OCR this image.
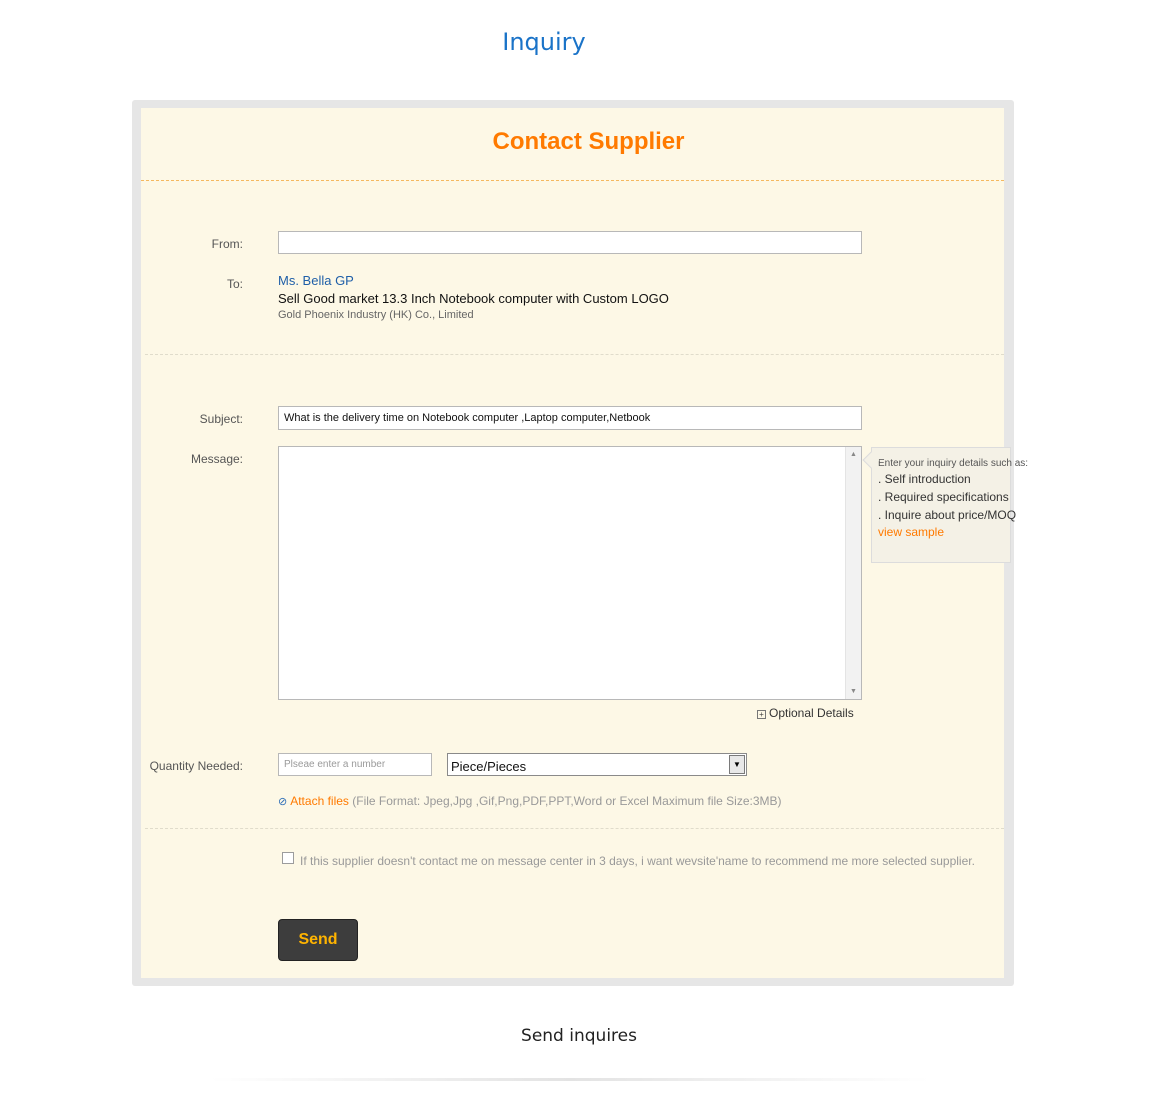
Inquiry
Contact Supplier
From:
To:	Ms. Bella GP
Sell Good market 13.3 Inch Notebook computer with Custom LOGO
Gold Phoenix Industry (HK) Co., Limited
Subject:	What is the delivery time on Notebook computer ,Laptop computer,Netbook
Message:	▲
▼
Enter your inquiry details such as:
. Self introduction
. Required specifications
. Inquire about price/MOQ
view sample
+ Optional Details
Quantity Needed:	Plseae enter a number	Piece/Pieces	▼
⊘ Attach files (File Format: Jpeg,Jpg ,Gif,Png,PDF,PPT,Word or Excel Maximum file Size:3MB)
If this supplier doesn't contact me on message center in 3 days, i want wevsite'name to recommend me more selected supplier.
Send
Send inquires
